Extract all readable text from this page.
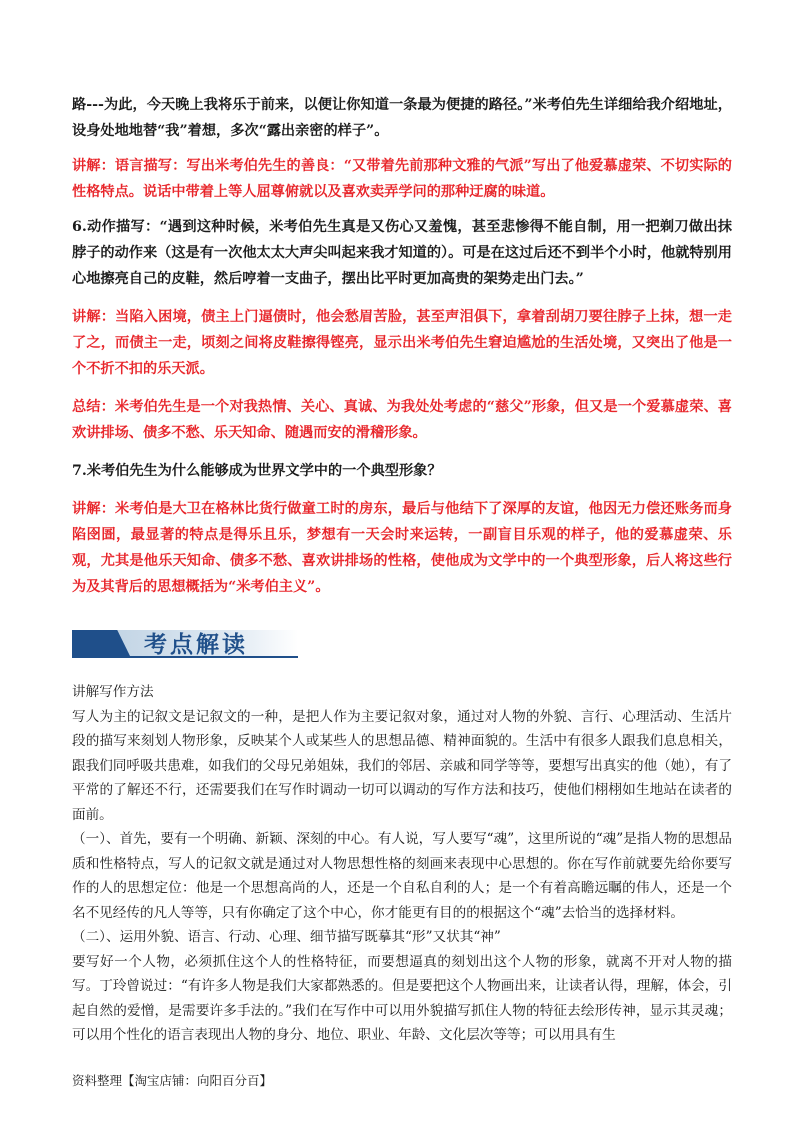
路---为此，今天晚上我将乐于前来，以便让你知道一条最为便捷的路径。”米考伯先生详细给我介绍地址，设身处地地替“我”着想，多次“露出亲密的样子”。

讲解：语言描写：写出米考伯先生的善良：“又带着先前那种文雅的气派”写出了他爱慕虚荣、不切实际的性格特点。说话中带着上等人屈尊俯就以及喜欢卖弄学问的那种迂腐的味道。

6.动作描写：“遇到这种时候，米考伯先生真是又伤心又羞愧，甚至悲惨得不能自制，用一把剃刀做出抹脖子的动作来（这是有一次他太太大声尖叫起来我才知道的）。可是在这过后还不到半个小时，他就特别用心地擦亮自己的皮鞋，然后哼着一支曲子，摆出比平时更加高贵的架势走出门去。”

讲解：当陷入困境，债主上门逼债时，他会愁眉苦脸，甚至声泪俱下，拿着刮胡刀要往脖子上抹，想一走了之，而债主一走，顷刻之间将皮鞋擦得铿亮，显示出米考伯先生窘迫尴尬的生活处境，又突出了他是一个不折不扣的乐天派。

总结：米考伯先生是一个对我热情、关心、真诚、为我处处考虑的“慈父”形象，但又是一个爱慕虚荣、喜欢讲排场、债多不愁、乐天知命、随遇而安的滑稽形象。

7.米考伯先生为什么能够成为世界文学中的一个典型形象？

讲解：米考伯是大卫在格林比货行做童工时的房东，最后与他结下了深厚的友谊，他因无力偿还账务而身陷囹圄，最显著的特点是得乐且乐，梦想有一天会时来运转，一副盲目乐观的样子，他的爱慕虚荣、乐观，尤其是他乐天知命、债多不愁、喜欢讲排场的性格，使他成为文学中的一个典型形象，后人将这些行为及其背后的思想概括为“米考伯主义”。

考点解读

讲解写作方法

写人为主的记叙文是记叙文的一种，是把人作为主要记叙对象，通过对人物的外貌、言行、心理活动、生活片段的描写来刻划人物形象，反映某个人或某些人的思想品德、精神面貌的。生活中有很多人跟我们息息相关，跟我们同呼吸共患难，如我们的父母兄弟姐妹，我们的邻居、亲戚和同学等等，要想写出真实的他（她），有了平常的了解还不行，还需要我们在写作时调动一切可以调动的写作方法和技巧，使他们栩栩如生地站在读者的面前。

（一）、首先，要有一个明确、新颖、深刻的中心。有人说，写人要写“魂”，这里所说的“魂”是指人物的思想品质和性格特点，写人的记叙文就是通过对人物思想性格的刻画来表现中心思想的。你在写作前就要先给你要写作的人的思想定位：他是一个思想高尚的人，还是一个自私自利的人；是一个有着高瞻远瞩的伟人，还是一个名不见经传的凡人等等，只有你确定了这个中心，你才能更有目的的根据这个“魂”去恰当的选择材料。

（二）、运用外貌、语言、行动、心理、细节描写既摹其“形”又状其“神”

要写好一个人物，必须抓住这个人的性格特征，而要想逼真的刻划出这个人物的形象，就离不开对人物的描写。丁玲曾说过：“有许多人物是我们大家都熟悉的。但是要把这个人物画出来，让读者认得，理解，体会，引起自然的爱憎，是需要许多手法的。”我们在写作中可以用外貌描写抓住人物的特征去绘形传神，显示其灵魂；可以用个性化的语言表现出人物的身分、地位、职业、年龄、文化层次等等；可以用具有生

资料整理【淘宝店铺：向阳百分百】
